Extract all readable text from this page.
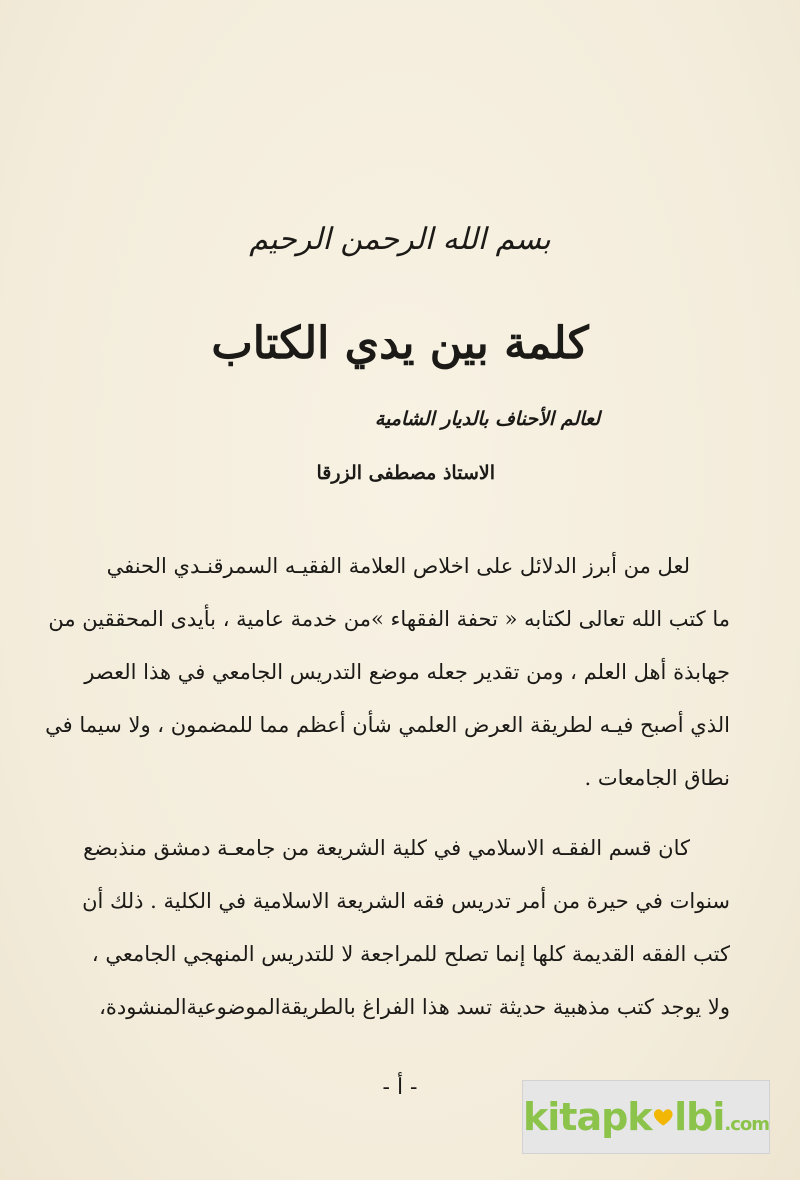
بسم الله الرحمن الرحيم
كلمة بين يدي الكتاب
لعالم الأحناف بالديار الشامية
الاستاذ مصطفى الزرقا
لعل من أبرز الدلائل على اخلاص العلامة الفقيـه السمرقنـدي الحنفي
ما كتب الله تعالى لكتابه « تحفة الفقهاء »من خدمة عامية ، بأيدى المحققين من
جهابذة أهل العلم ، ومن تقدير جعله موضع التدريس الجامعي في هذا العصر
الذي أصبح فيـه لطريقة العرض العلمي شأن أعظم مما للمضمون ، ولا سيما في
نطاق الجامعات .
كان قسم الفقـه الاسلامي في كلية الشريعة من جامعـة دمشق منذبضع
سنوات في حيرة من أمر تدريس فقه الشريعة الاسلامية في الكلية . ذلك أن
كتب الفقه القديمة كلها إنما تصلح للمراجعة لا للتدريس المنهجي الجامعي ،
ولا يوجد كتب مذهبية حديثة تسد هذا الفراغ بالطريقةالموضوعيةالمنشودة،
- أ -
kitapk lbi .com
